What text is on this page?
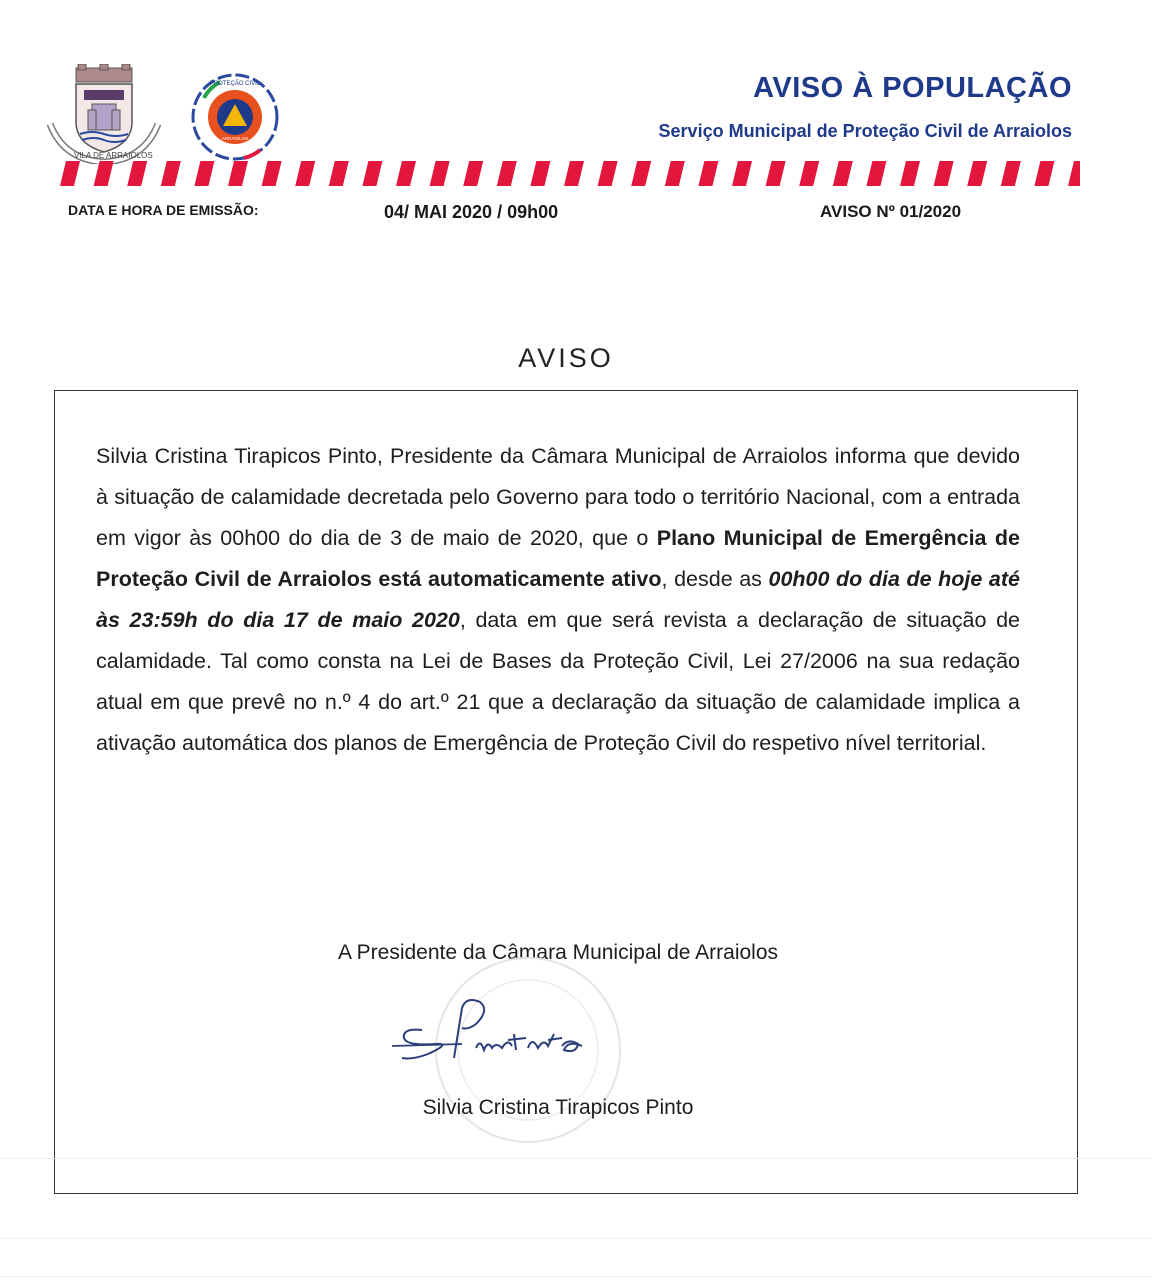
VILA DE ARRAIOLOS
PROTEÇÃO CIVIL
ARRAIOLOS
AVISO À POPULAÇÃO
Serviço Municipal de Proteção Civil de Arraiolos
DATA E HORA DE EMISSÃO:	04/ MAI 2020 / 09h00	AVISO Nº 01/2020
AVISO
Silvia Cristina Tirapicos Pinto, Presidente da Câmara Municipal de Arraiolos informa que devido à situação de calamidade decretada pelo Governo para todo o território Nacional, com a entrada em vigor às 00h00 do dia de 3 de maio de 2020, que o Plano Municipal de Emergência de Proteção Civil de Arraiolos está automaticamente ativo, desde as 00h00 do dia de hoje até às 23:59h do dia 17 de maio 2020, data em que será revista a declaração de situação de calamidade. Tal como consta na Lei de Bases da Proteção Civil, Lei 27/2006 na sua redação atual em que prevê no n.º 4 do art.º 21 que a declaração da situação de calamidade implica a ativação automática dos planos de Emergência de Proteção Civil do respetivo nível territorial.
A Presidente da Câmara Municipal de Arraiolos
Silvia Cristina Tirapicos Pinto
